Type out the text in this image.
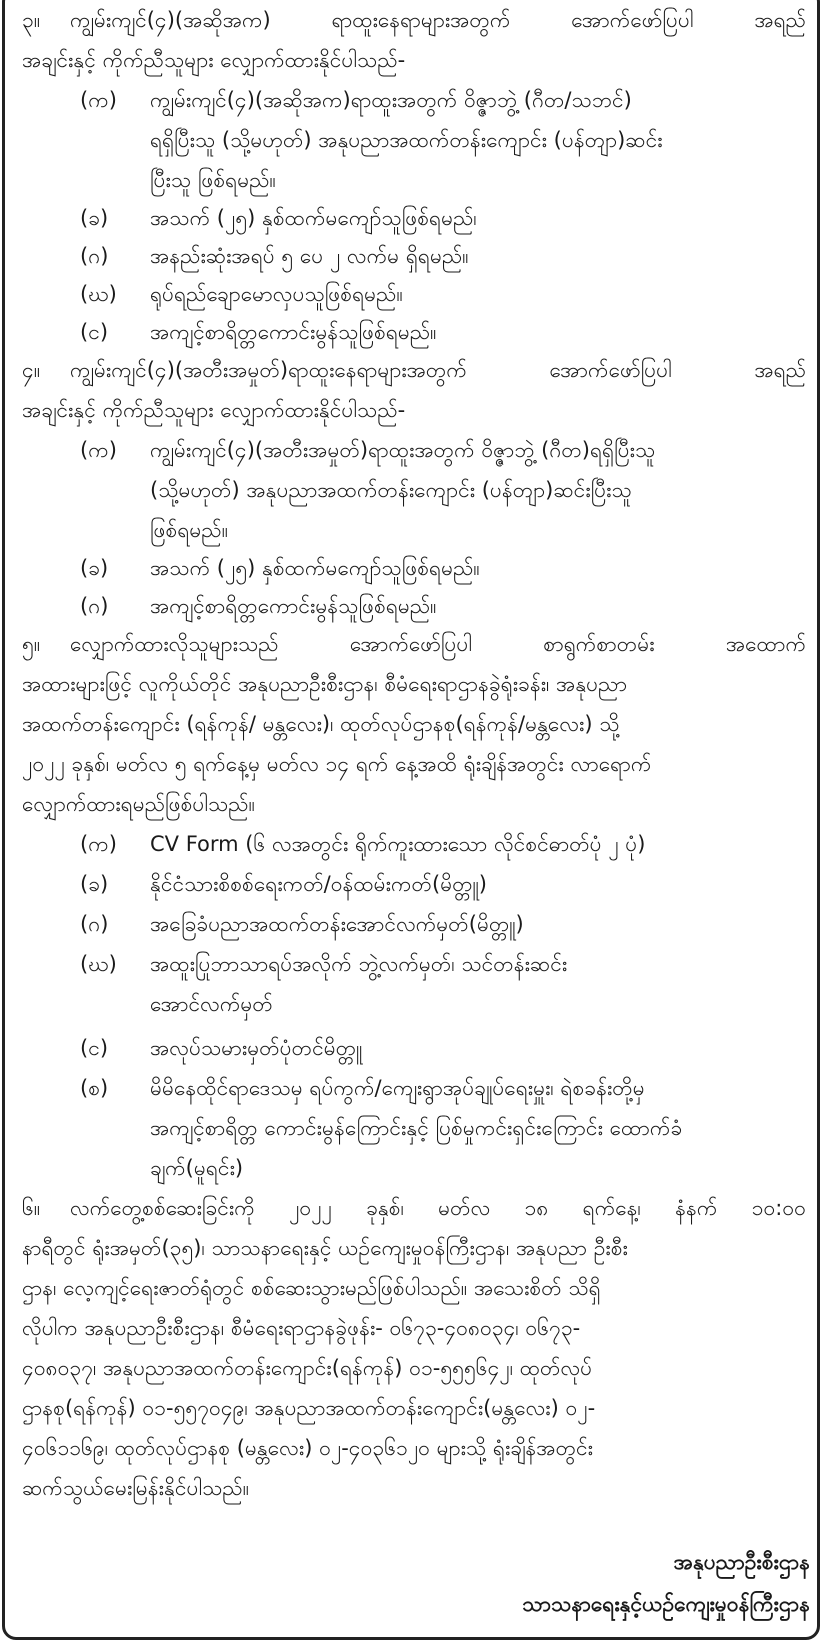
၃။ ကျွမ်းကျင်(၄)(အဆိုအက) ရာထူးနေရာများအတွက် အောက်ဖော်ပြပါ အရည်
အချင်းနှင့် ကိုက်ညီသူများ လျှောက်ထားနိုင်ပါသည်-
(က) ကျွမ်းကျင်(၄)(အဆိုအက)ရာထူးအတွက် ဝိဇ္ဇာဘွဲ့ (ဂီတ/သဘင်)
ရရှိပြီးသူ (သို့မဟုတ်) အနုပညာအထက်တန်းကျောင်း (ပန်တျာ)ဆင်း
ပြီးသူ ဖြစ်ရမည်။
(ခ) အသက် (၂၅) နှစ်ထက်မကျော်သူဖြစ်ရမည်၊
(ဂ) အနည်းဆုံးအရပ် ၅ ပေ ၂ လက်မ ရှိရမည်။
(ဃ) ရုပ်ရည်ချောမောလှပသူဖြစ်ရမည်။
(င) အကျင့်စာရိတ္တကောင်းမွန်သူဖြစ်ရမည်။
၄။ ကျွမ်းကျင်(၄)(အတီးအမှုတ်)ရာထူးနေရာများအတွက် အောက်ဖော်ပြပါ အရည်
အချင်းနှင့် ကိုက်ညီသူများ လျှောက်ထားနိုင်ပါသည်-
(က) ကျွမ်းကျင်(၄)(အတီးအမှုတ်)ရာထူးအတွက် ဝိဇ္ဇာဘွဲ့ (ဂီတ)ရရှိပြီးသူ
(သို့မဟုတ်) အနုပညာအထက်တန်းကျောင်း (ပန်တျာ)ဆင်းပြီးသူ
ဖြစ်ရမည်။
(ခ) အသက် (၂၅) နှစ်ထက်မကျော်သူဖြစ်ရမည်။
(ဂ) အကျင့်စာရိတ္တကောင်းမွန်သူဖြစ်ရမည်။
၅။ လျှောက်ထားလိုသူများသည် အောက်ဖော်ပြပါ စာရွက်စာတမ်း အထောက်
အထားများဖြင့် လူကိုယ်တိုင် အနုပညာဦးစီးဌာန၊ စီမံရေးရာဌာနခွဲရုံးခန်း၊ အနုပညာ
အထက်တန်းကျောင်း (ရန်ကုန်/ မန္တလေး)၊ ထုတ်လုပ်ဌာနစု(ရန်ကုန်/မန္တလေး) သို့
၂၀၂၂ ခုနှစ်၊ မတ်လ ၅ ရက်နေ့မှ မတ်လ ၁၄ ရက် နေ့အထိ ရုံးချိန်အတွင်း လာရောက်
လျှောက်ထားရမည်ဖြစ်ပါသည်။
(က) CV Form (၆ လအတွင်း ရိုက်ကူးထားသော လိုင်စင်ဓာတ်ပုံ ၂ ပုံ)
(ခ) နိုင်ငံသားစိစစ်ရေးကတ်/ဝန်ထမ်းကတ်(မိတ္တူ)
(ဂ) အခြေခံပညာအထက်တန်းအောင်လက်မှတ်(မိတ္တူ)
(ဃ) အထူးပြုဘာသာရပ်အလိုက် ဘွဲ့လက်မှတ်၊ သင်တန်းဆင်း
အောင်လက်မှတ်
(င) အလုပ်သမားမှတ်ပုံတင်မိတ္တူ
(စ) မိမိနေထိုင်ရာဒေသမှ ရပ်ကွက်/ကျေးရွာအုပ်ချုပ်ရေးမှူး၊ ရဲစခန်းတို့မှ
အကျင့်စာရိတ္တ ကောင်းမွန်ကြောင်းနှင့် ပြစ်မှုကင်းရှင်းကြောင်း ထောက်ခံ
ချက်(မူရင်း)
၆။ လက်တွေ့စစ်ဆေးခြင်းကို ၂၀၂၂ ခုနှစ်၊ မတ်လ ၁၈ ရက်နေ့၊ နံနက် ၁၀:၀၀
နာရီတွင် ရုံးအမှတ်(၃၅)၊ သာသနာရေးနှင့် ယဉ်ကျေးမှုဝန်ကြီးဌာန၊ အနုပညာ ဦးစီး
ဌာန၊ လေ့ကျင့်ရေးဇာတ်ရုံတွင် စစ်ဆေးသွားမည်ဖြစ်ပါသည်။ အသေးစိတ် သိရှိ
လိုပါက အနုပညာဦးစီးဌာန၊ စီမံရေးရာဌာနခွဲဖုန်း- ၀၆၇၃-၄၀၈၀၃၄၊ ၀၆၇၃-
၄၀၈၀၃၇၊ အနုပညာအထက်တန်းကျောင်း(ရန်ကုန်) ၀၁-၅၅၅၆၄၂၊ ထုတ်လုပ်
ဌာနစု(ရန်ကုန်) ၀၁-၅၅၇၀၄၉၊ အနုပညာအထက်တန်းကျောင်း(မန္တလေး) ၀၂-
၄၀၆၁၁၆၉၊ ထုတ်လုပ်ဌာနစု (မန္တလေး) ၀၂-၄၀၃၆၁၂၀ များသို့ ရုံးချိန်အတွင်း
ဆက်သွယ်မေးမြန်းနိုင်ပါသည်။
အနုပညာဦးစီးဌာန
သာသနာရေးနှင့်ယဉ်ကျေးမှုဝန်ကြီးဌာန
